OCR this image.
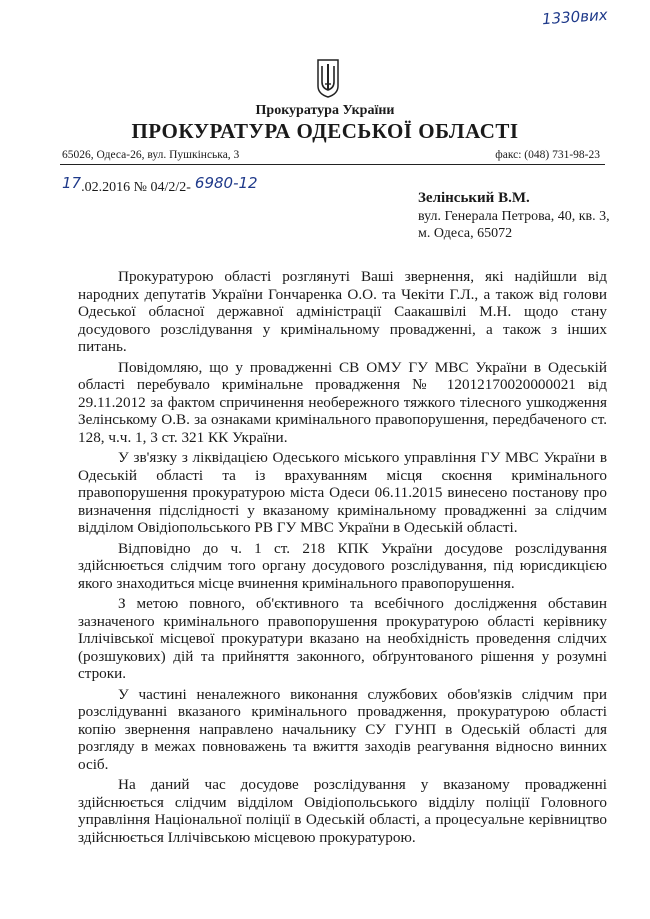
1330вих
Прокуратура України
ПРОКУРАТУРА ОДЕСЬКОЇ ОБЛАСТІ
65026, Одеса-26, вул. Пушкінська, 3	факс: (048) 731-98-23
17.02.2016 № 04/2/2- 6980-12
Зелінський В.М.
вул. Генерала Петрова, 40, кв. 3,
м. Одеса, 65072

Прокуратурою області розглянуті Ваші звернення, які надійшли від народних депутатів України Гончаренка О.О. та Чекіти Г.Л., а також від голови Одеської обласної державної адміністрації Саакашвілі М.Н. щодо стану досудового розслідування у кримінальному провадженні, а також з інших питань.

Повідомляю, що у провадженні СВ ОМУ ГУ МВС України в Одеській області перебувало кримінальне провадження № 12012170020000021 від 29.11.2012 за фактом спричинення необережного тяжкого тілесного ушкодження Зелінському О.В. за ознаками кримінального правопорушення, передбаченого ст. 128, ч.ч. 1, 3 ст. 321 КК України.

У зв'язку з ліквідацією Одеського міського управління ГУ МВС України в Одеській області та із врахуванням місця скоєння кримінального правопорушення прокуратурою міста Одеси 06.11.2015 винесено постанову про визначення підслідності у вказаному кримінальному провадженні за слідчим відділом Овідіопольського РВ ГУ МВС України в Одеській області.

Відповідно до ч. 1 ст. 218 КПК України досудове розслідування здійснюється слідчим того органу досудового розслідування, під юрисдикцією якого знаходиться місце вчинення кримінального правопорушення.

З метою повного, об'єктивного та всебічного дослідження обставин зазначеного кримінального правопорушення прокуратурою області керівнику Іллічівської місцевої прокуратури вказано на необхідність проведення слідчих (розшукових) дій та прийняття законного, обґрунтованого рішення у розумні строки.

У частині неналежного виконання службових обов'язків слідчим при розслідуванні вказаного кримінального провадження, прокуратурою області копію звернення направлено начальнику СУ ГУНП в Одеській області для розгляду в межах повноважень та вжиття заходів реагування відносно винних осіб.

На даний час досудове розслідування у вказаному провадженні здійснюється слідчим відділом Овідіопольського відділу поліції Головного управління Національної поліції в Одеській області, а процесуальне керівництво здійснюється Іллічівською місцевою прокуратурою.
